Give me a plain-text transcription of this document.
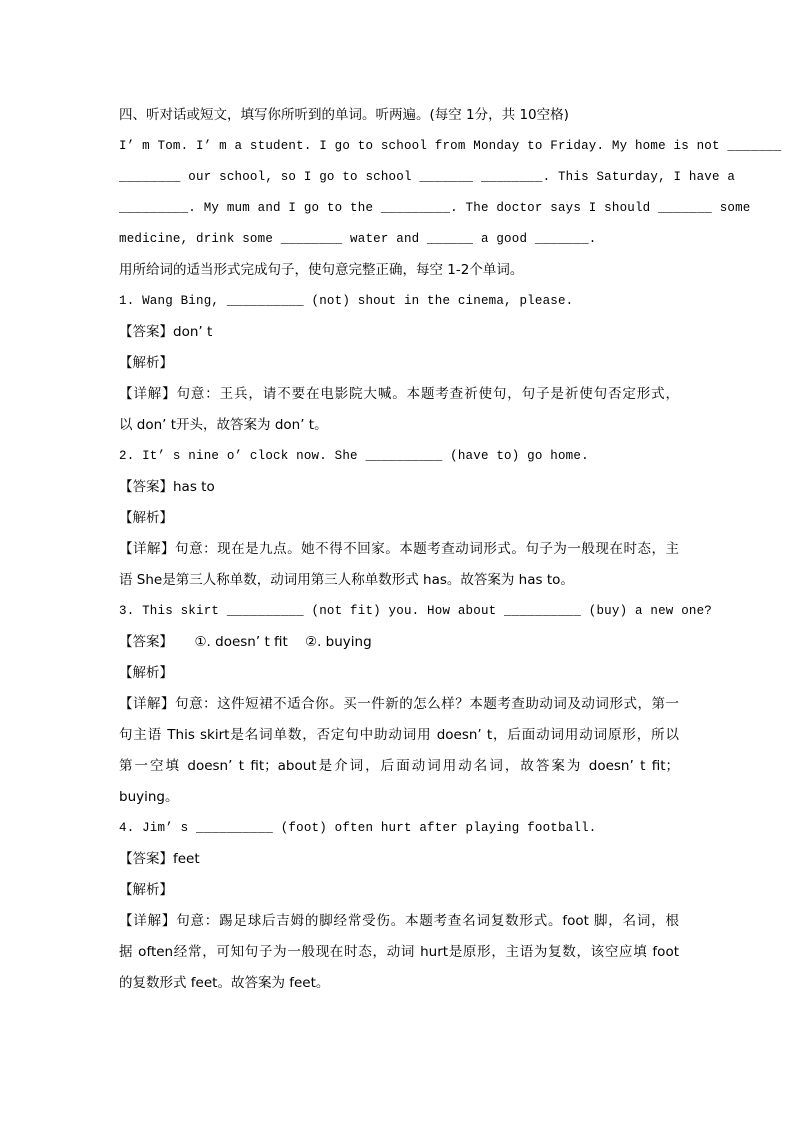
四、听对话或短文，填写你所听到的单词。听两遍。(每空 1分，共 10空格)
I’ m Tom. I’ m a student. I go to school from Monday to Friday. My home is not _______
________ our school, so I go to school _______ ________. This Saturday, I have a
_________. My mum and I go to the _________. The doctor says I should _______ some
medicine, drink some ________ water and ______ a good _______.
用所给词的适当形式完成句子，使句意完整正确，每空 1-2个单词。
1. Wang Bing, __________ (not) shout in the cinema, please.
【答案】don’ t
【解析】
【详解】句意：王兵，请不要在电影院大喊。本题考查祈使句，句子是祈使句否定形式，
以 don’ t开头，故答案为 don’ t。
2. It’ s nine o’ clock now. She __________ (have to) go home.
【答案】has to
【解析】
【详解】句意：现在是九点。她不得不回家。本题考查动词形式。句子为一般现在时态，主
语 She是第三人称单数，动词用第三人称单数形式 has。故答案为 has to。
3. This skirt __________ (not fit) you. How about __________ (buy) a new one?
【答案】     ①. doesn’ t fit    ②. buying
【解析】
【详解】句意：这件短裙不适合你。买一件新的怎么样？本题考查助动词及动词形式，第一
句主语 This skirt是名词单数，否定句中助动词用 doesn’ t，后面动词用动词原形，所以
第一空填 doesn’ t fit；about是介词，后面动词用动名词，故答案为 doesn’ t fit；
buying。
4. Jim’ s __________ (foot) often hurt after playing football.
【答案】feet
【解析】
【详解】句意：踢足球后吉姆的脚经常受伤。本题考查名词复数形式。foot 脚，名词，根
据 often经常，可知句子为一般现在时态，动词 hurt是原形，主语为复数，该空应填 foot
的复数形式 feet。故答案为 feet。
